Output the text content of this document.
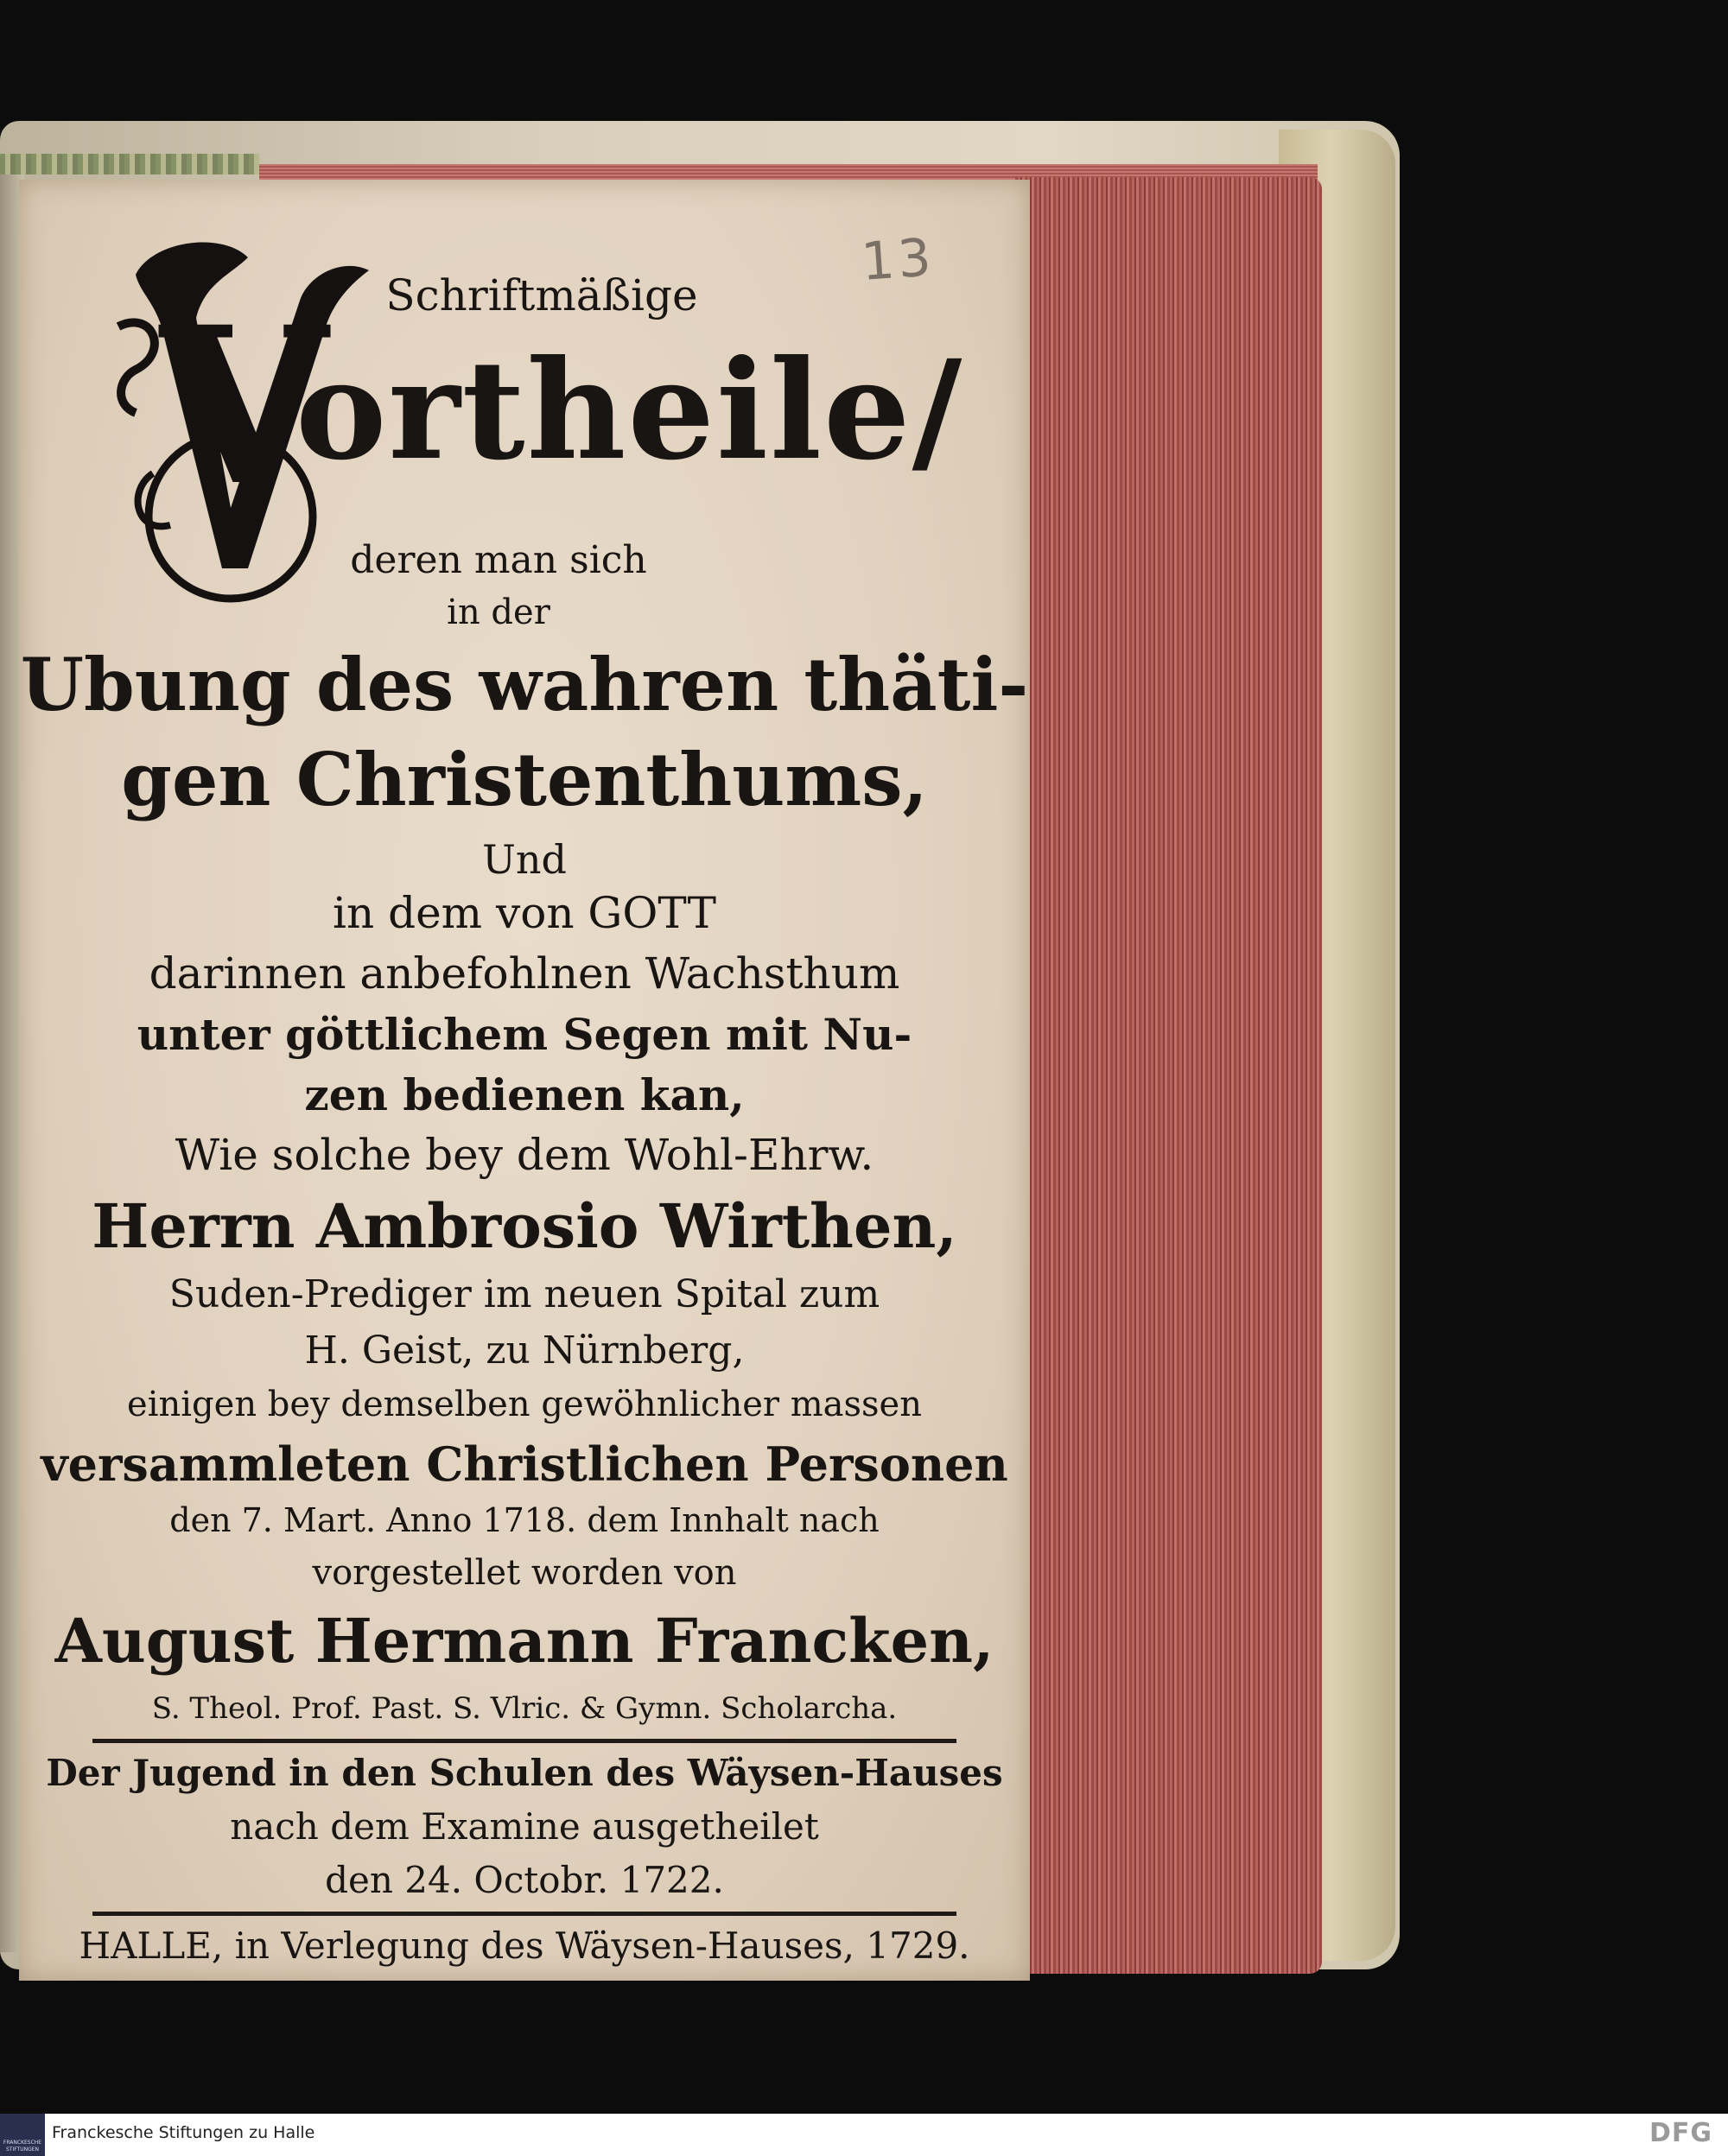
13
V	Schriftmäßige
ortheile/
deren man sich
in der
Ubung des wahren thäti-
gen Christenthums,
Und
in dem von GOTT
darinnen anbefohlnen Wachsthum
unter göttlichem Segen mit Nu-
zen bedienen kan,
Wie solche bey dem Wohl-Ehrw.
Herrn Ambrosio Wirthen,
Suden-Prediger im neuen Spital zum
H. Geist, zu Nürnberg,
einigen bey demselben gewöhnlicher massen
versammleten Christlichen Personen
den 7. Mart. Anno 1718. dem Innhalt nach
vorgestellet worden von
August Hermann Francken,
S. Theol. Prof. Past. S. Vlric. & Gymn. Scholarcha.
Der Jugend in den Schulen des Wäysen-Hauses
nach dem Examine ausgetheilet
den 24. Octobr. 1722.
HALLE, in Verlegung des Wäysen-Hauses, 1729.
FRANCKESCHE
STIFTUNGEN
Franckesche Stiftungen zu Halle	DFG
